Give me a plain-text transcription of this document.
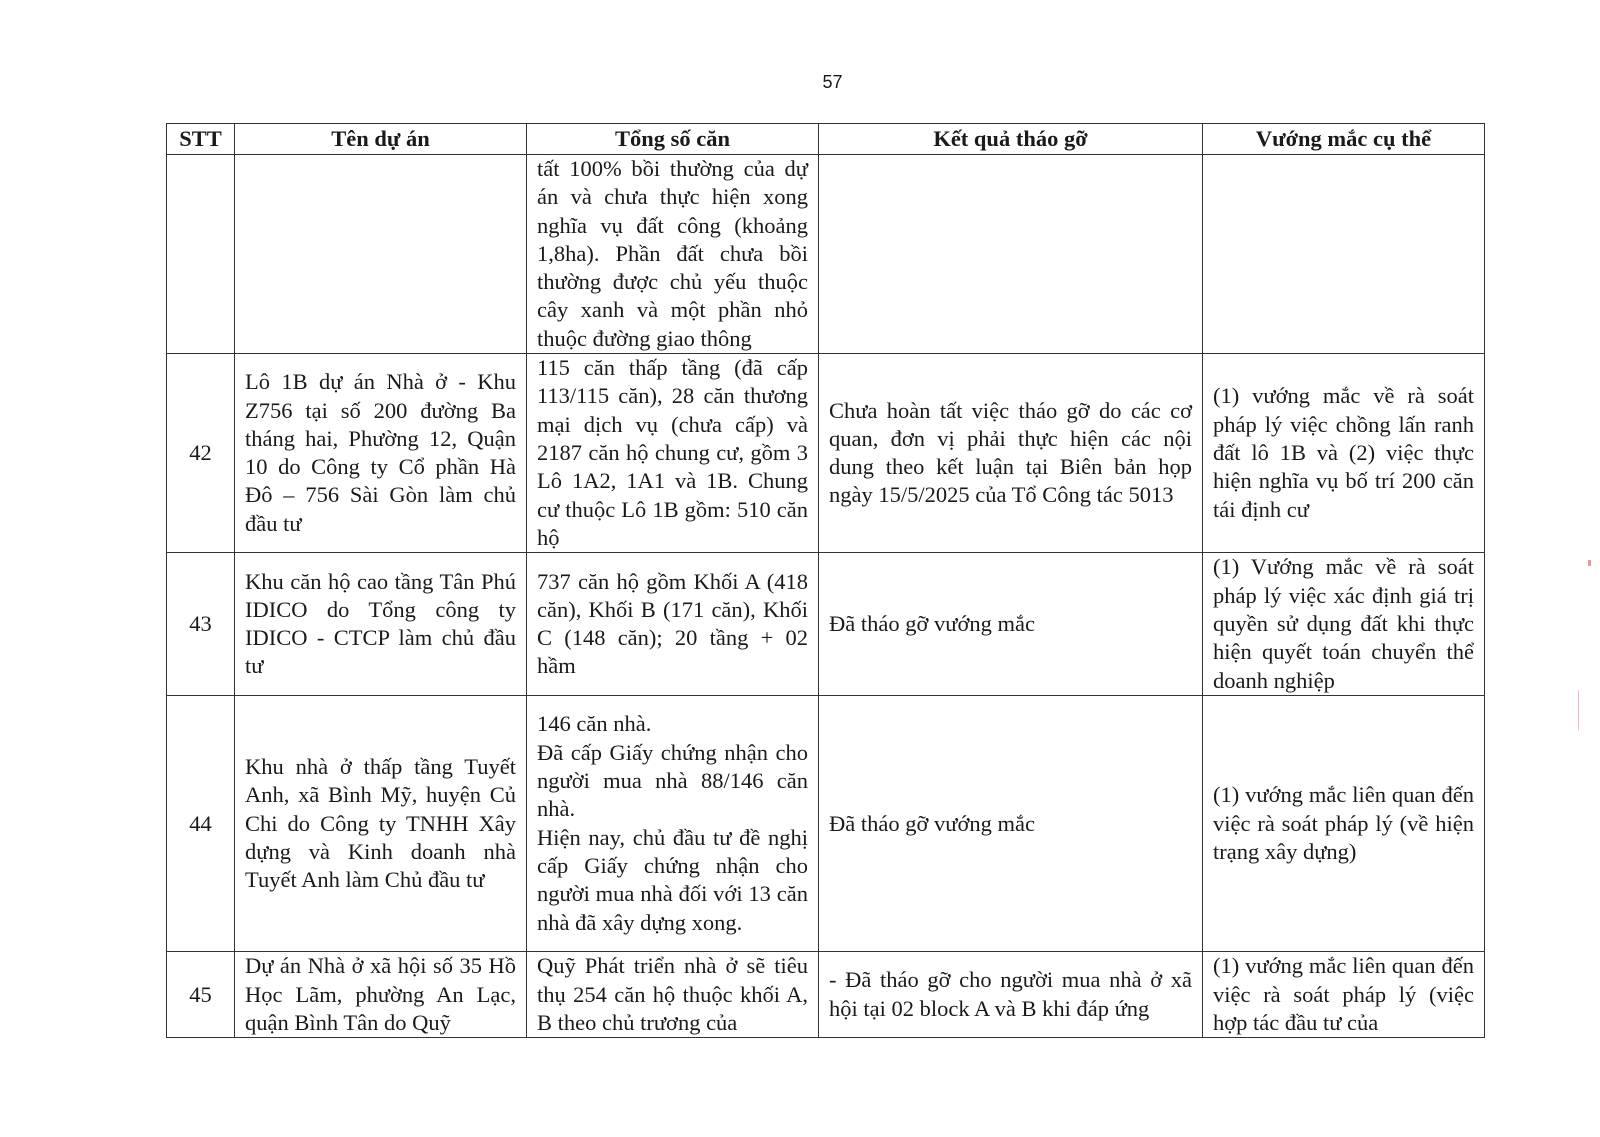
57
STT	Tên dự án	Tổng số căn	Kết quả tháo gỡ	Vướng mắc cụ thể
		tất 100% bồi thường của dự án và chưa thực hiện xong nghĩa vụ đất công (khoảng 1,8ha). Phần đất chưa bồi thường được chủ yếu thuộc cây xanh và một phần nhỏ thuộc đường giao thông		
42	Lô 1B dự án Nhà ở - Khu Z756 tại số 200 đường Ba tháng hai, Phường 12, Quận 10 do Công ty Cổ phần Hà Đô – 756 Sài Gòn làm chủ đầu tư	115 căn thấp tầng (đã cấp 113/115 căn), 28 căn thương mại dịch vụ (chưa cấp) và 2187 căn hộ chung cư, gồm 3 Lô 1A2, 1A1 và 1B. Chung cư thuộc Lô 1B gồm: 510 căn hộ	Chưa hoàn tất việc tháo gỡ do các cơ quan, đơn vị phải thực hiện các nội dung theo kết luận tại Biên bản họp ngày 15/5/2025 của Tổ Công tác 5013	(1) vướng mắc về rà soát pháp lý việc chồng lấn ranh đất lô 1B và (2) việc thực hiện nghĩa vụ bố trí 200 căn tái định cư
43	Khu căn hộ cao tầng Tân Phú IDICO do Tổng công ty IDICO - CTCP làm chủ đầu tư	737 căn hộ gồm Khối A (418 căn), Khối B (171 căn), Khối C (148 căn); 20 tầng + 02 hầm	Đã tháo gỡ vướng mắc	(1) Vướng mắc về rà soát pháp lý việc xác định giá trị quyền sử dụng đất khi thực hiện quyết toán chuyển thể doanh nghiệp
44	Khu nhà ở thấp tầng Tuyết Anh, xã Bình Mỹ, huyện Củ Chi do Công ty TNHH Xây dựng và Kinh doanh nhà Tuyết Anh làm Chủ đầu tư	146 căn nhà.
Đã cấp Giấy chứng nhận cho người mua nhà 88/146 căn nhà.
Hiện nay, chủ đầu tư đề nghị cấp Giấy chứng nhận cho người mua nhà đối với 13 căn nhà đã xây dựng xong.	Đã tháo gỡ vướng mắc	(1) vướng mắc liên quan đến việc rà soát pháp lý (về hiện trạng xây dựng)
45	Dự án Nhà ở xã hội số 35 Hồ Học Lãm, phường An Lạc, quận Bình Tân do Quỹ	Quỹ Phát triển nhà ở sẽ tiêu thụ 254 căn hộ thuộc khối A, B theo chủ trương của	- Đã tháo gỡ cho người mua nhà ở xã hội tại 02 block A và B khi đáp ứng	(1) vướng mắc liên quan đến việc rà soát pháp lý (việc hợp tác đầu tư của
